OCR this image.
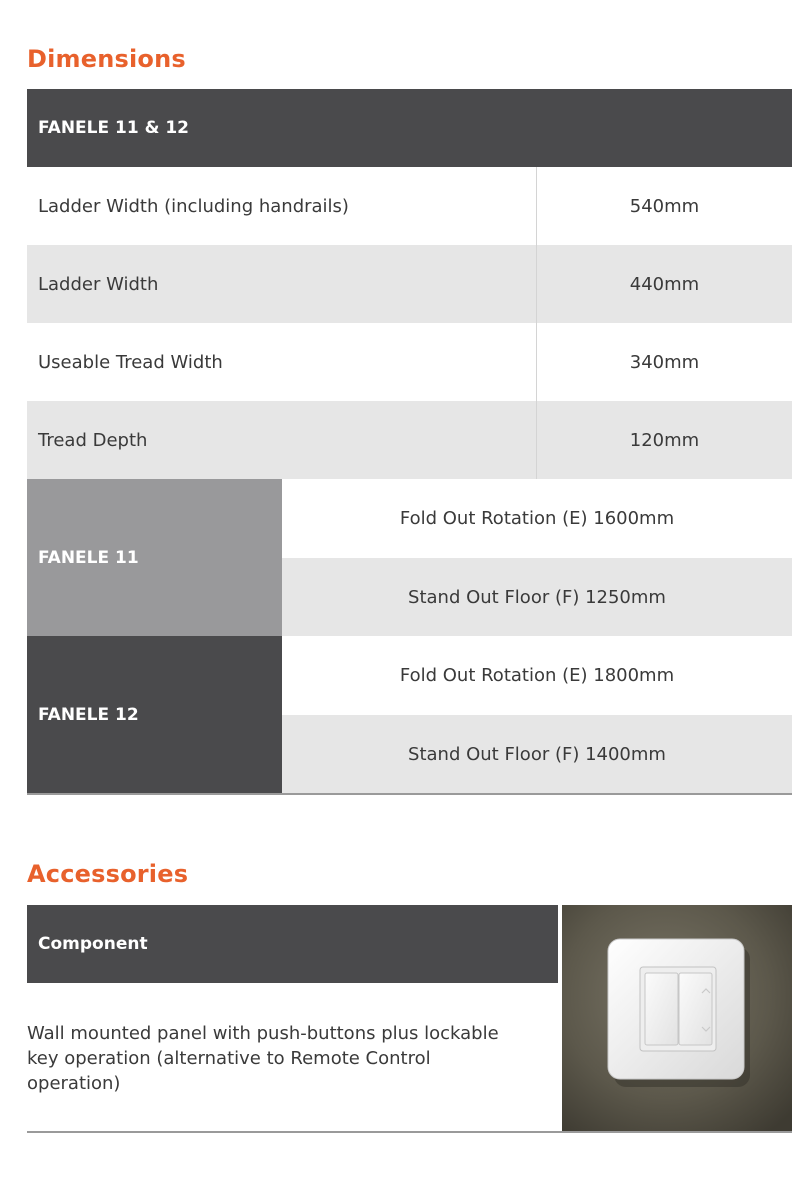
Dimensions
FANELE 11 & 12
Ladder Width (including handrails)	540mm
Ladder Width	440mm
Useable Tread Width	340mm
Tread Depth	120mm
FANELE 11
Fold Out Rotation (E) 1600mm
Stand Out Floor (F) 1250mm
FANELE 12
Fold Out Rotation (E) 1800mm
Stand Out Floor (F) 1400mm
Accessories
Component
Wall mounted panel with push-buttons plus lockable key operation (alternative to Remote Control operation)
